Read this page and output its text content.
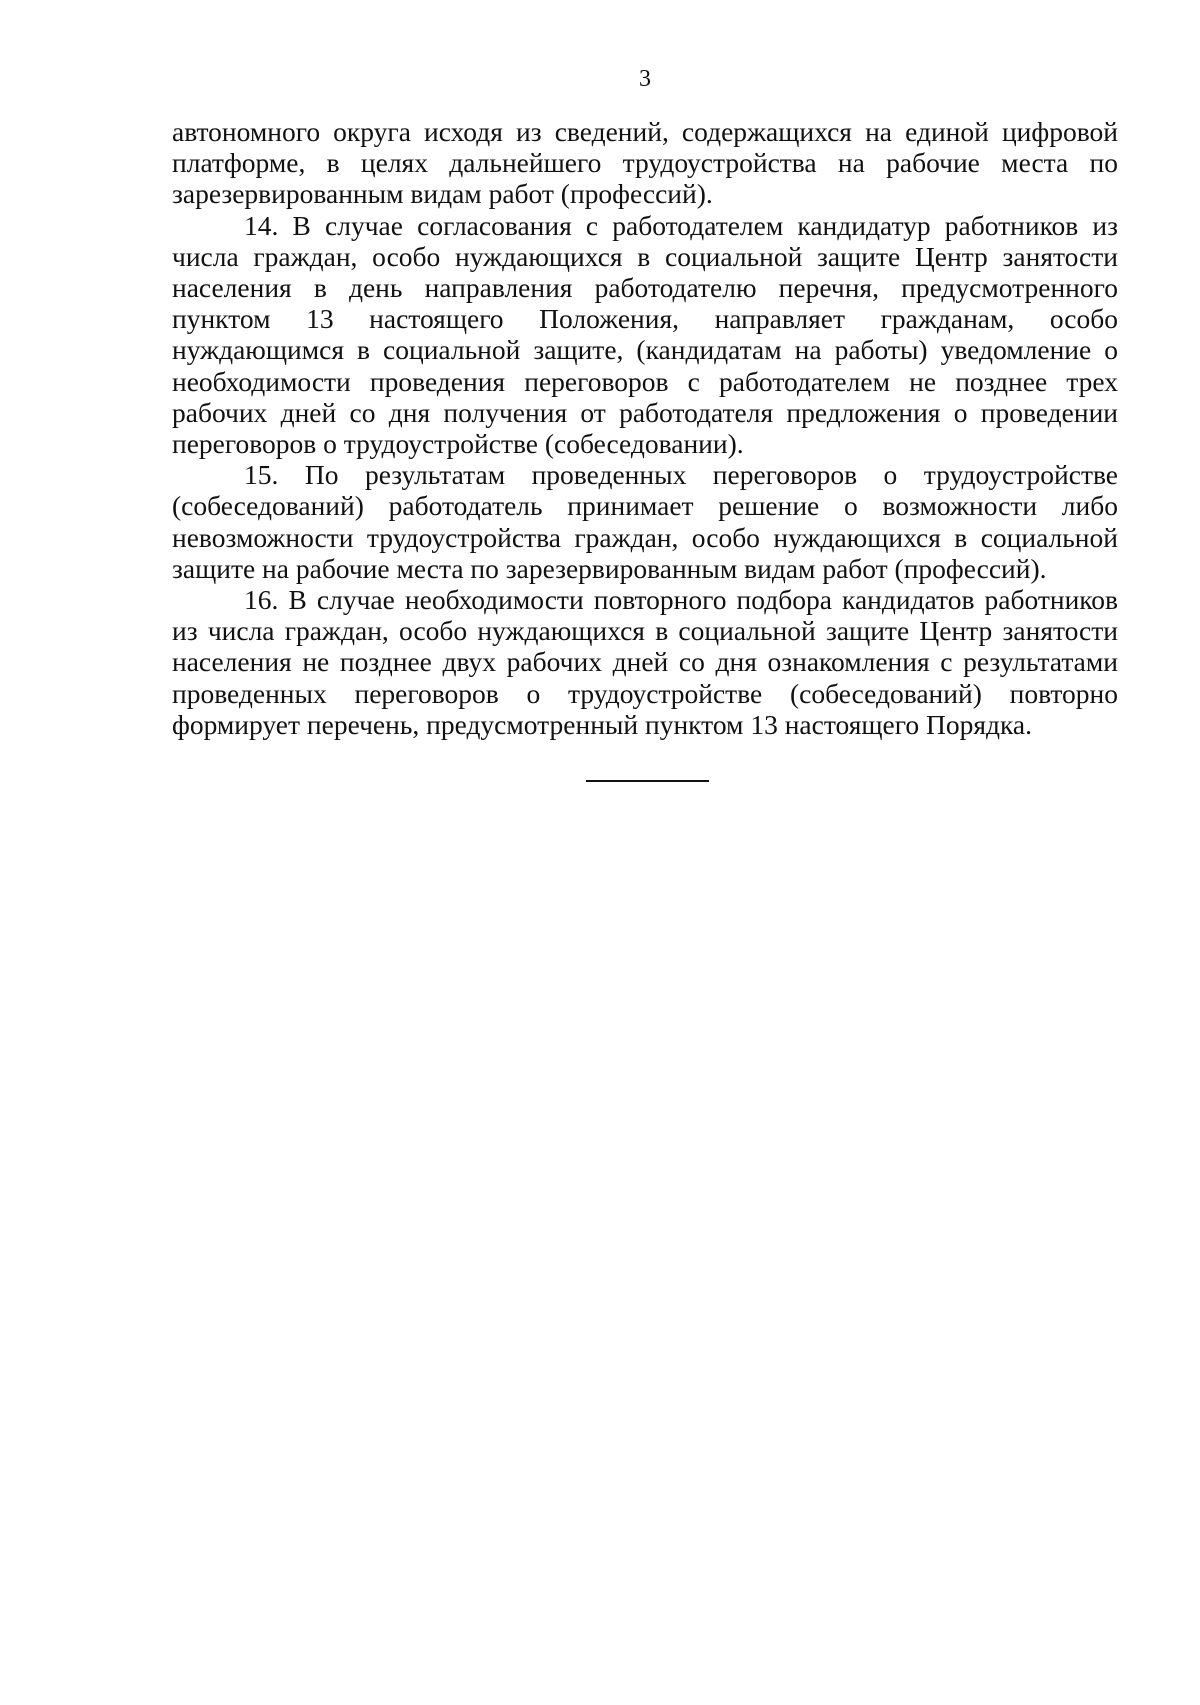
3

автономного округа исходя из сведений, содержащихся на единой цифровой платформе, в целях дальнейшего трудоустройства на рабочие места по зарезервированным видам работ (профессий).

14. В случае согласования с работодателем кандидатур работников из числа граждан, особо нуждающихся в социальной защите Центр занятости населения в день направления работодателю перечня, предусмотренного пунктом 13 настоящего Положения, направляет гражданам, особо нуждающимся в социальной защите, (кандидатам на работы) уведомление о необходимости проведения переговоров с работодателем не позднее трех рабочих дней со дня получения от работодателя предложения о проведении переговоров о трудоустройстве (собеседовании).

15. По результатам проведенных переговоров о трудоустройстве (собеседований) работодатель принимает решение о возможности либо невозможности трудоустройства граждан, особо нуждающихся в социальной защите на рабочие места по зарезервированным видам работ (профессий).

16. В случае необходимости повторного подбора кандидатов работников из числа граждан, особо нуждающихся в социальной защите Центр занятости населения не позднее двух рабочих дней со дня ознакомления с результатами проведенных переговоров о трудоустройстве (собеседований) повторно формирует перечень, предусмотренный пунктом 13 настоящего Порядка.
